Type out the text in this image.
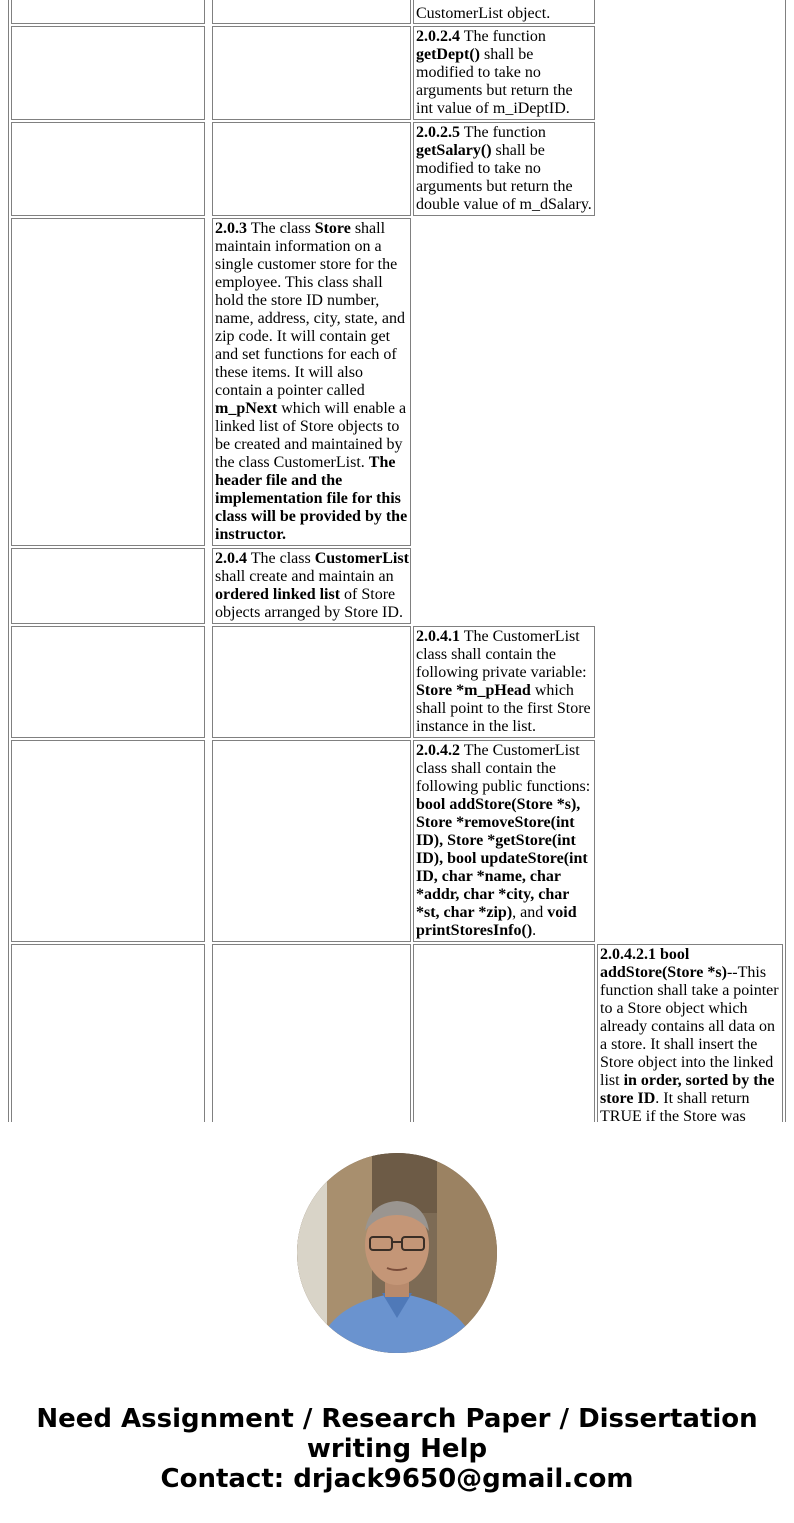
CustomerList object.
2.0.2.4 The function getDept() shall be modified to take no arguments but return the int value of m_iDeptID.
2.0.2.5 The function getSalary() shall be modified to take no arguments but return the double value of m_dSalary.
2.0.3 The class Store shall maintain information on a single customer store for the employee. This class shall hold the store ID number, name, address, city, state, and zip code. It will contain get and set functions for each of these items. It will also contain a pointer called m_pNext which will enable a linked list of Store objects to be created and maintained by the class CustomerList. The header file and the implementation file for this class will be provided by the instructor.
2.0.4 The class CustomerList shall create and maintain an ordered linked list of Store objects arranged by Store ID.
2.0.4.1 The CustomerList class shall contain the following private variable: Store *m_pHead which shall point to the first Store instance in the list.
2.0.4.2 The CustomerList class shall contain the following public functions: bool addStore(Store *s), Store *removeStore(int ID), Store *getStore(int ID), bool updateStore(int ID, char *name, char *addr, char *city, char *st, char *zip), and void printStoresInfo().
2.0.4.2.1 bool addStore(Store *s)--This function shall take a pointer to a Store object which already contains all data on a store. It shall insert the Store object into the linked list in order, sorted by the store ID. It shall return TRUE if the Store was
Need Assignment / Research Paper / Dissertation
writing Help
Contact: drjack9650@gmail.com
